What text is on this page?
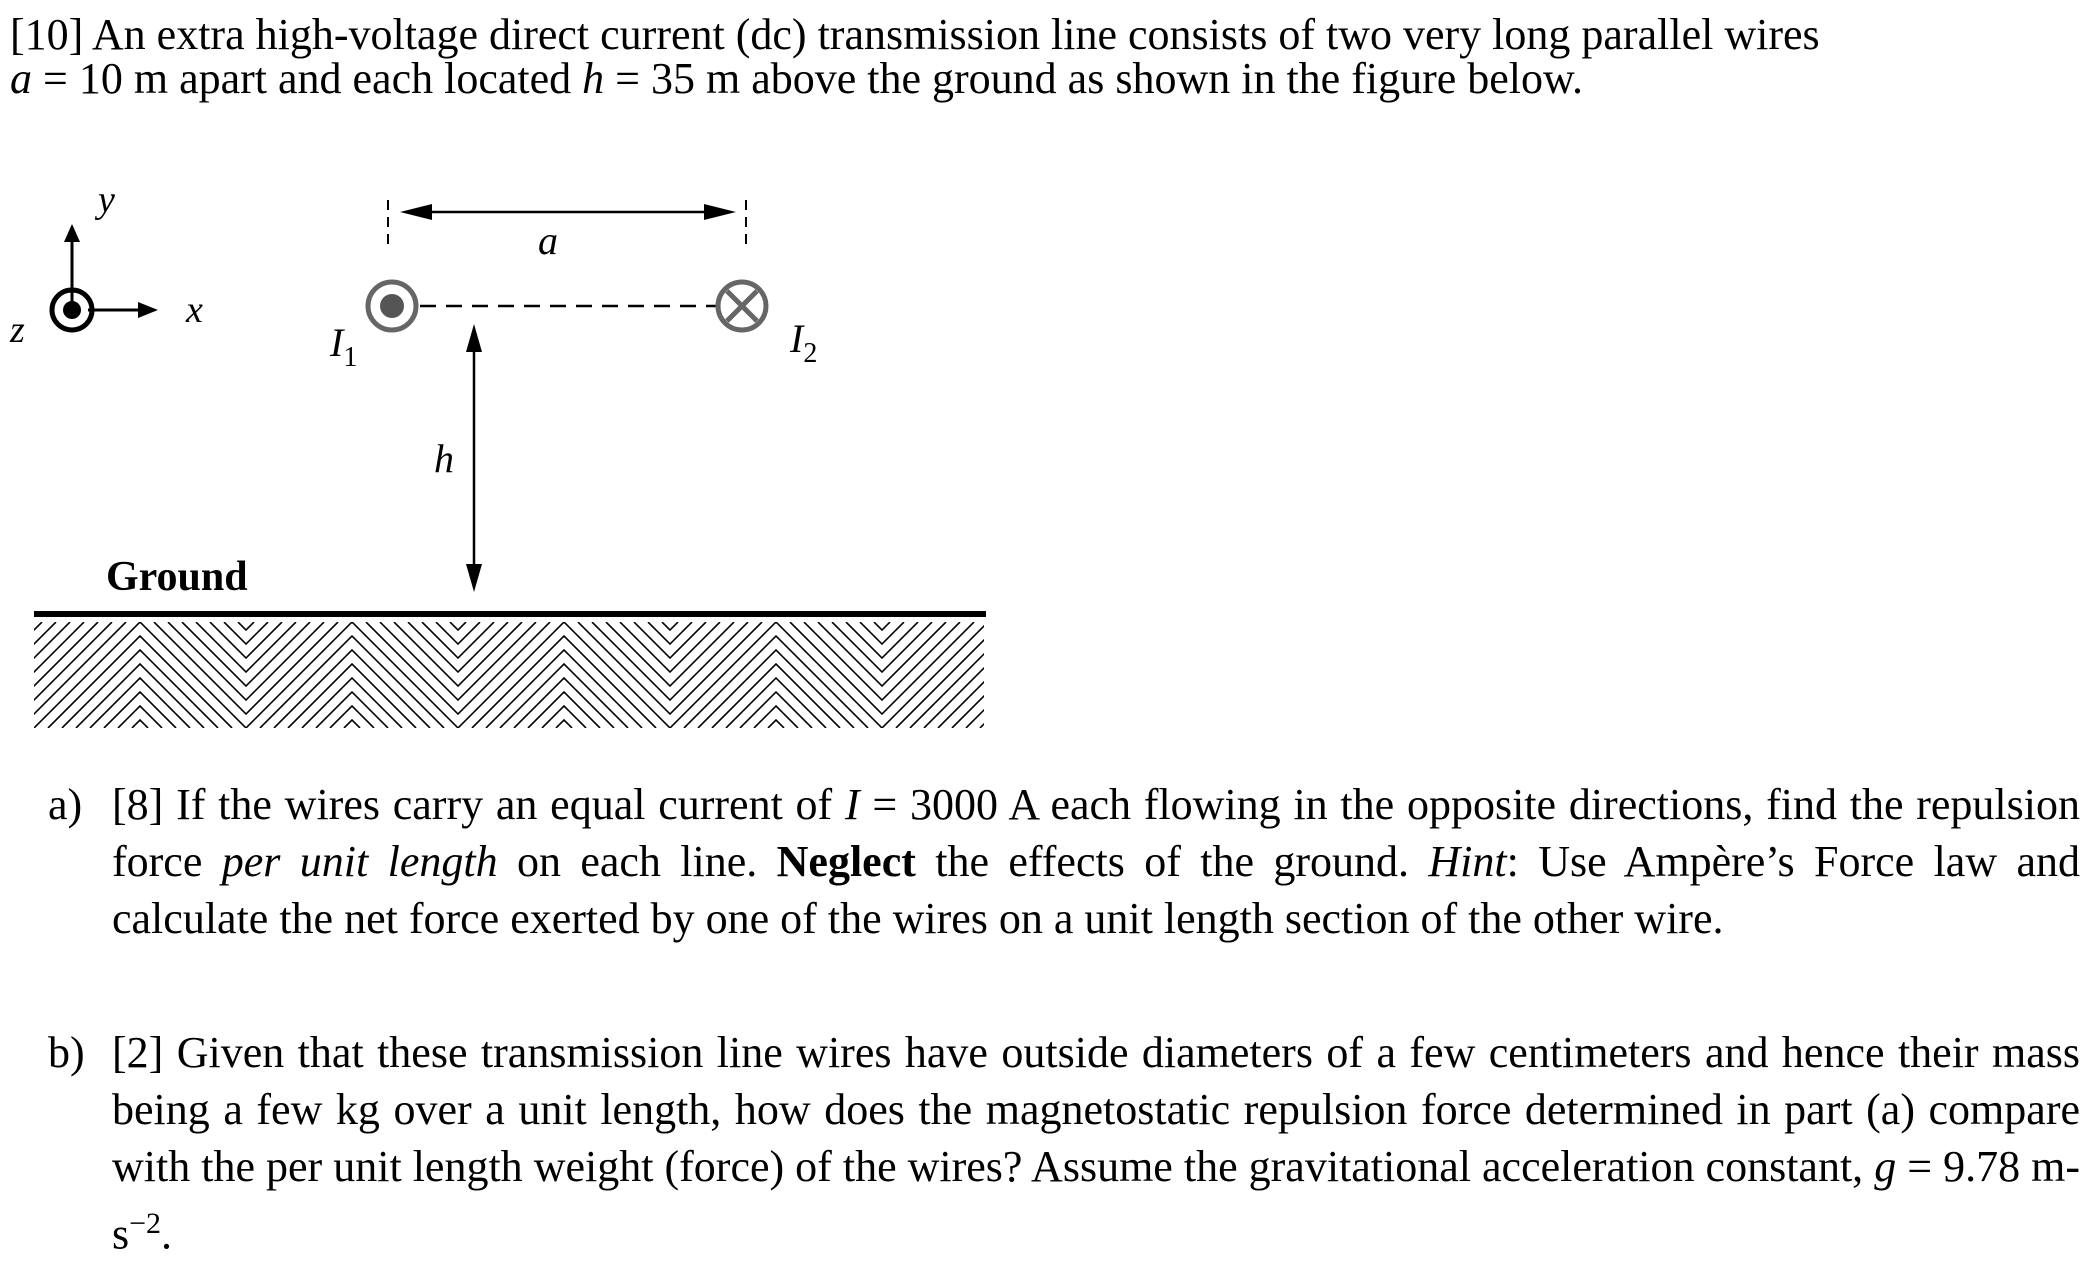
[10] An extra high-voltage direct current (dc) transmission line consists of two very long parallel wires
a = 10 m apart and each located h = 35 m above the ground as shown in the figure below.
y
x
z
a
$I_1$	$I_2$
h
Ground
a) [8] If the wires carry an equal current of I = 3000 A each flowing in the opposite directions, find the repulsion force per unit length on each line. Neglect the effects of the ground. Hint: Use Ampère’s Force law and calculate the net force exerted by one of the wires on a unit length section of the other wire.
b) [2] Given that these transmission line wires have outside diameters of a few centimeters and hence their mass being a few kg over a unit length, how does the magnetostatic repulsion force determined in part (a) compare with the per unit length weight (force) of the wires? Assume the gravitational acceleration constant, g = 9.78 $m-s^{-2}$.
